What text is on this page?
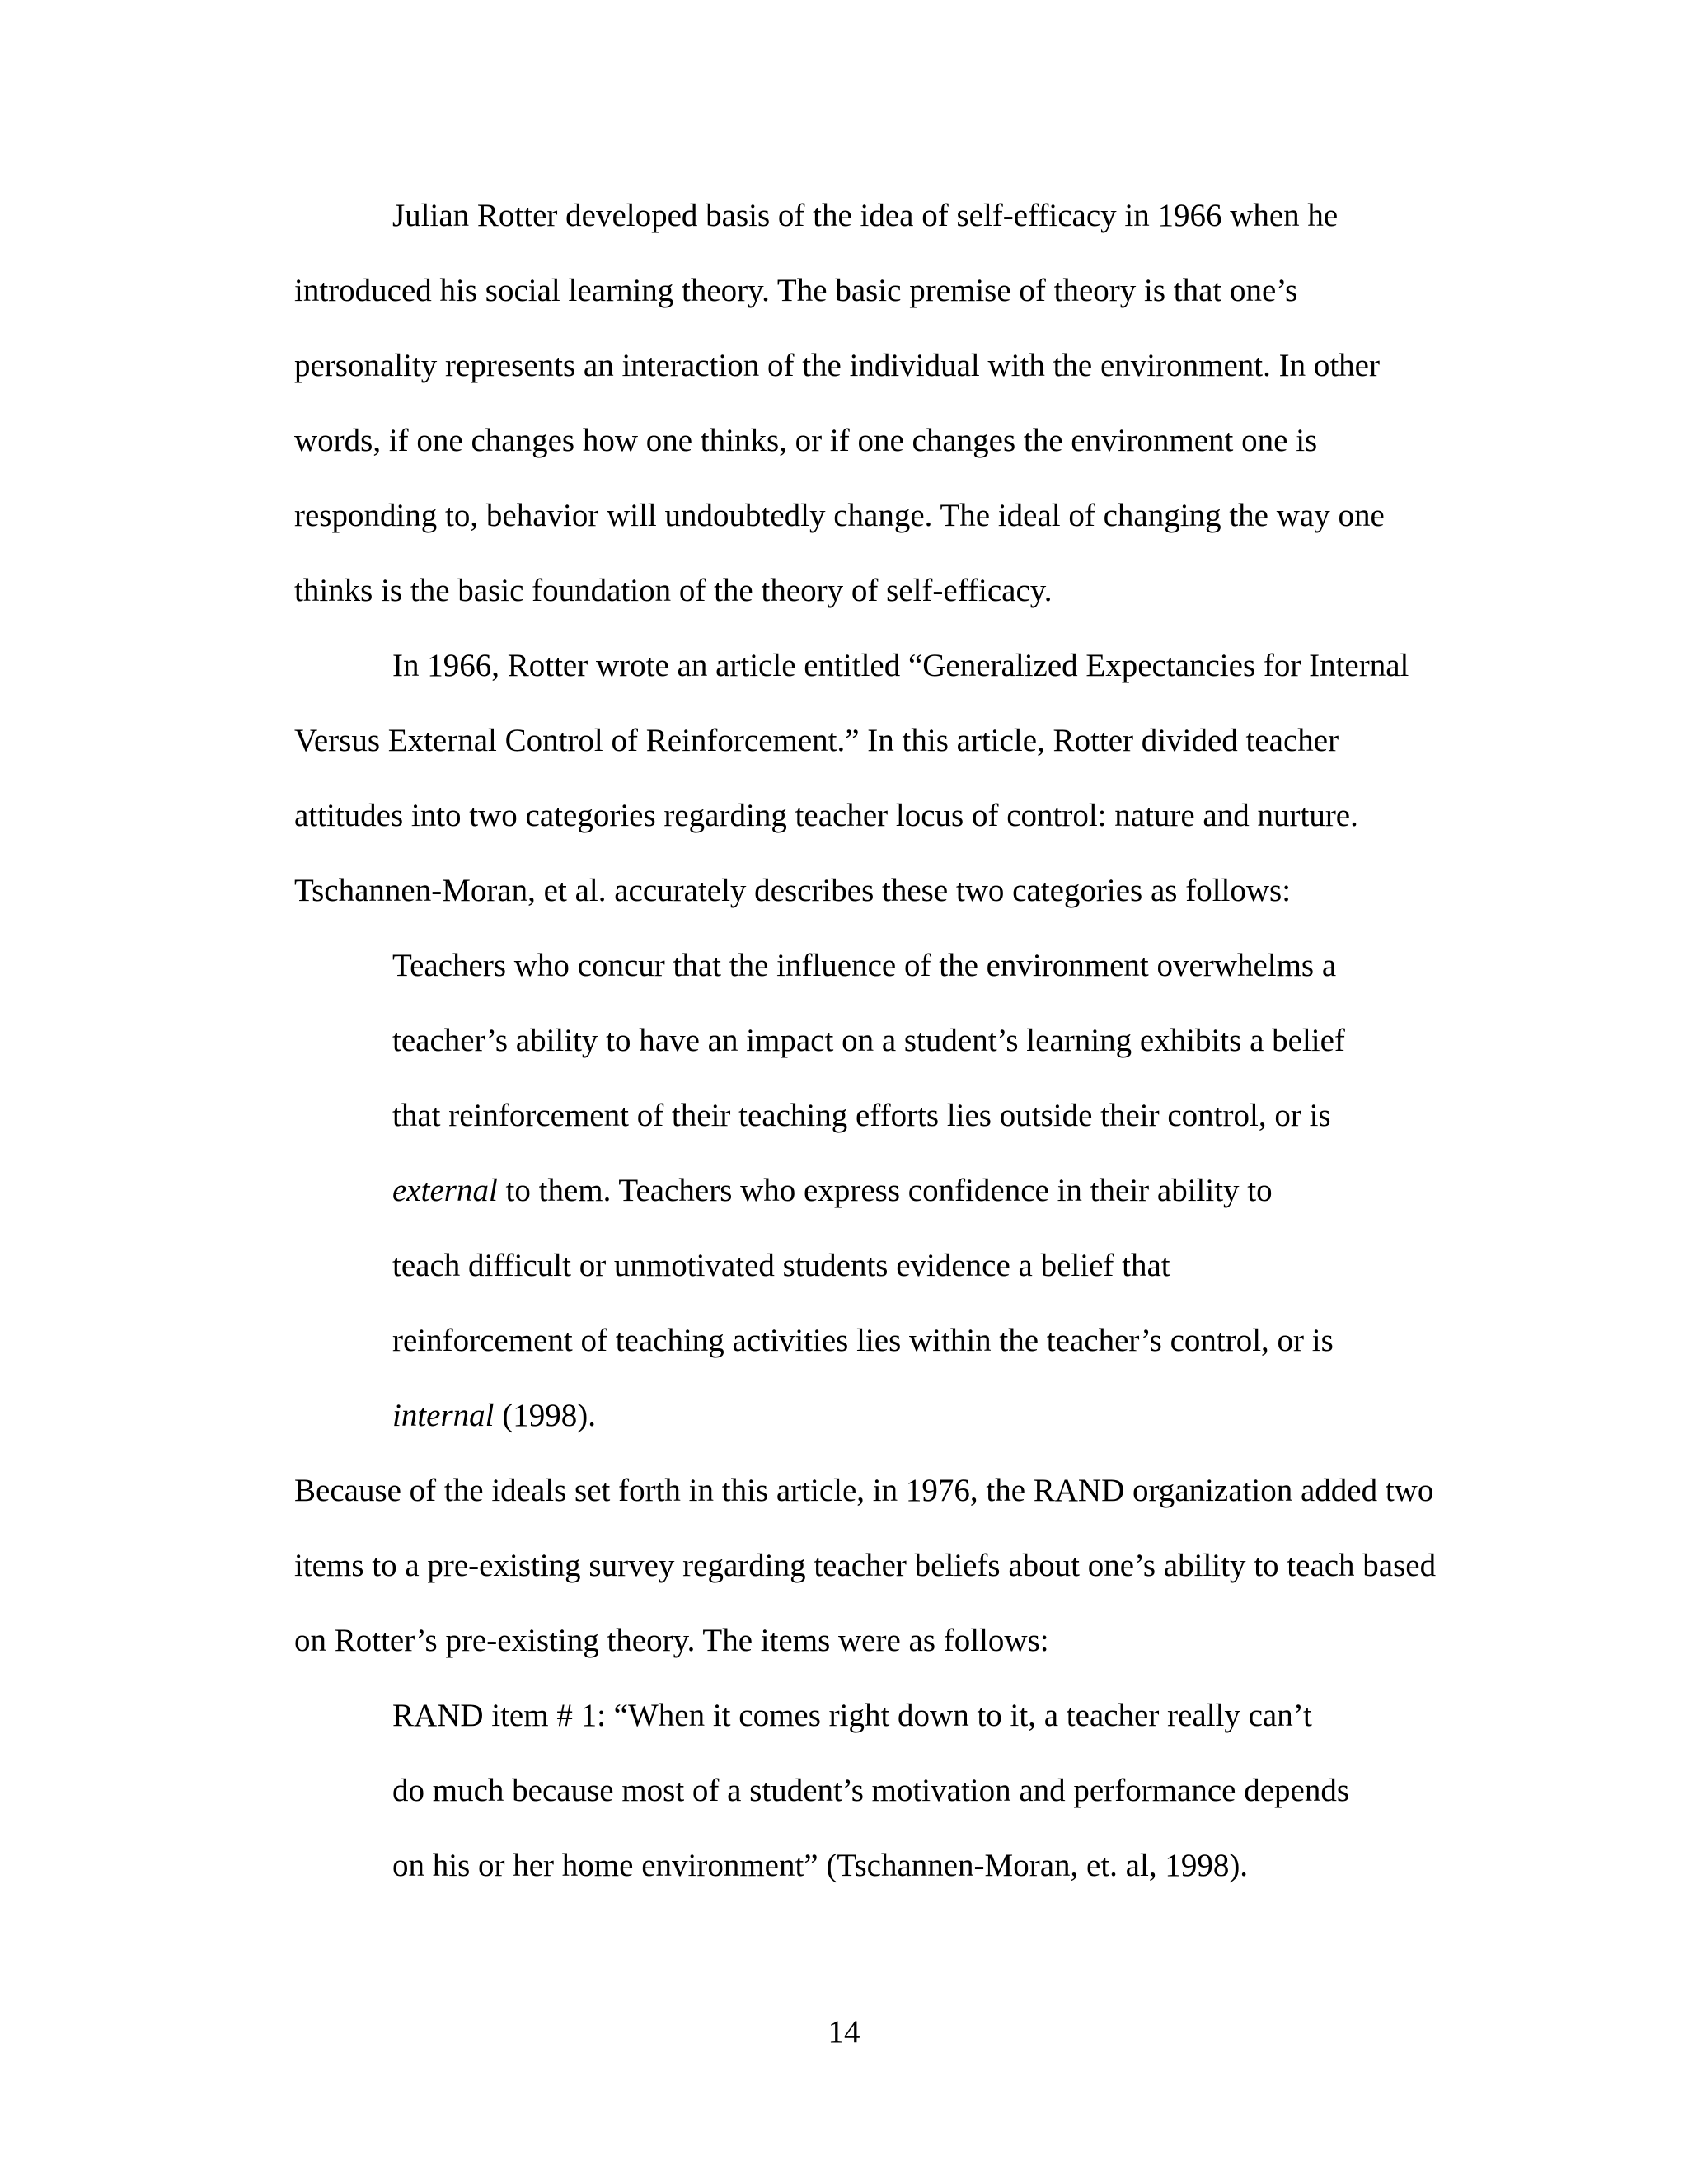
Julian Rotter developed basis of the idea of self-efficacy in 1966 when he

introduced his social learning theory. The basic premise of theory is that one’s

personality represents an interaction of the individual with the environment. In other

words, if one changes how one thinks, or if one changes the environment one is

responding to, behavior will undoubtedly change. The ideal of changing the way one

thinks is the basic foundation of the theory of self-efficacy.

In 1966, Rotter wrote an article entitled “Generalized Expectancies for Internal

Versus External Control of Reinforcement.” In this article, Rotter divided teacher

attitudes into two categories regarding teacher locus of control: nature and nurture.

Tschannen-Moran, et al. accurately describes these two categories as follows:

Teachers who concur that the influence of the environment overwhelms a

teacher’s ability to have an impact on a student’s learning exhibits a belief

that reinforcement of their teaching efforts lies outside their control, or is

external to them. Teachers who express confidence in their ability to

teach difficult or unmotivated students evidence a belief that

reinforcement of teaching activities lies within the teacher’s control, or is

internal (1998).

Because of the ideals set forth in this article, in 1976, the RAND organization added two

items to a pre-existing survey regarding teacher beliefs about one’s ability to teach based

on Rotter’s pre-existing theory. The items were as follows:

RAND item # 1: “When it comes right down to it, a teacher really can’t

do much because most of a student’s motivation and performance depends

on his or her home environment” (Tschannen-Moran, et. al, 1998).

14
